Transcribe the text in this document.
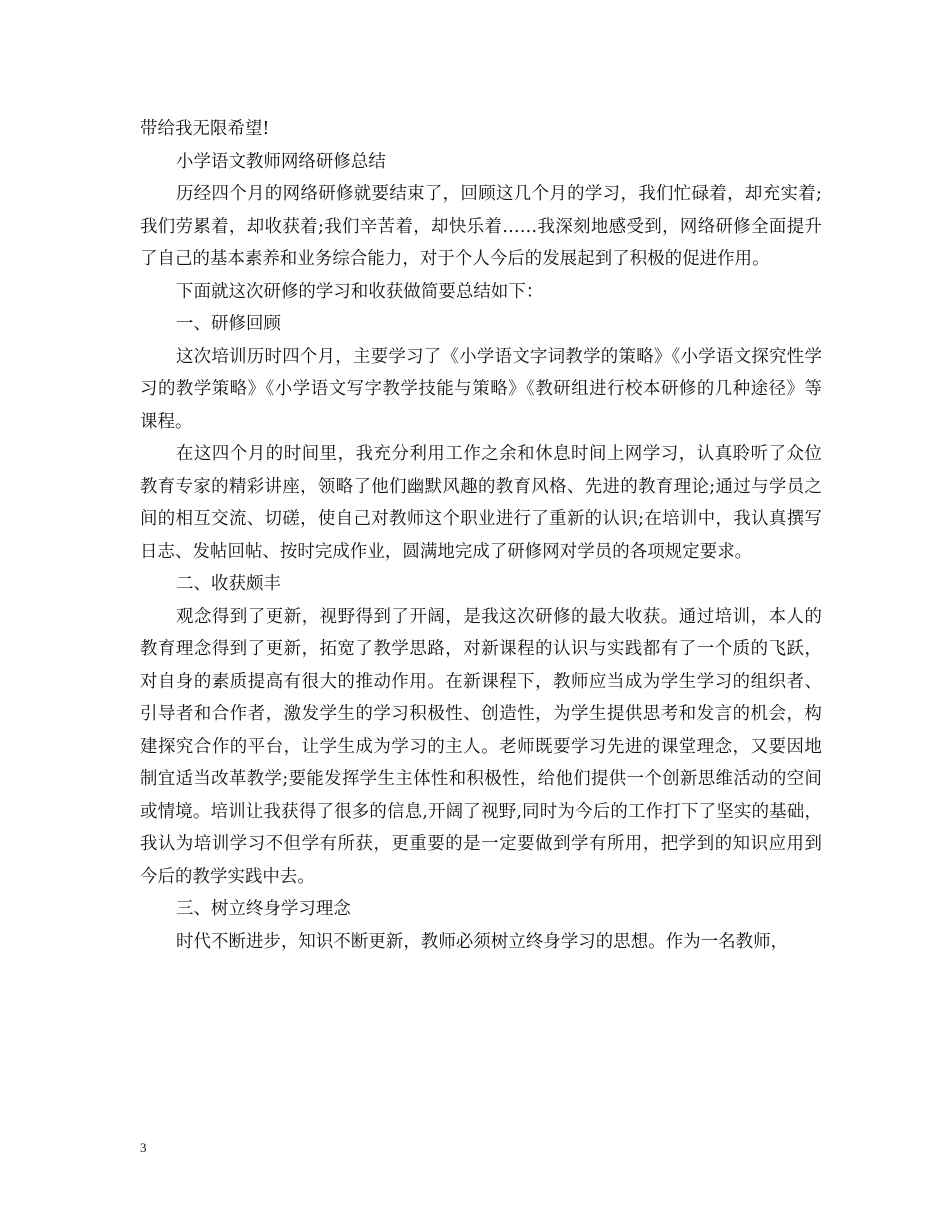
带给我无限希望!

小学语文教师网络研修总结

历经四个月的网络研修就要结束了，回顾这几个月的学习，我们忙碌着，却充实着;我们劳累着，却收获着;我们辛苦着，却快乐着……我深刻地感受到，网络研修全面提升了自己的基本素养和业务综合能力，对于个人今后的发展起到了积极的促进作用。

下面就这次研修的学习和收获做简要总结如下：

一、研修回顾

这次培训历时四个月，主要学习了《小学语文字词教学的策略》《小学语文探究性学习的教学策略》《小学语文写字教学技能与策略》《教研组进行校本研修的几种途径》等课程。

在这四个月的时间里，我充分利用工作之余和休息时间上网学习，认真聆听了众位教育专家的精彩讲座，领略了他们幽默风趣的教育风格、先进的教育理论;通过与学员之间的相互交流、切磋，使自己对教师这个职业进行了重新的认识;在培训中，我认真撰写日志、发帖回帖、按时完成作业，圆满地完成了研修网对学员的各项规定要求。

二、收获颇丰

观念得到了更新，视野得到了开阔，是我这次研修的最大收获。通过培训，本人的教育理念得到了更新，拓宽了教学思路，对新课程的认识与实践都有了一个质的飞跃，对自身的素质提高有很大的推动作用。在新课程下，教师应当成为学生学习的组织者、引导者和合作者，激发学生的学习积极性、创造性，为学生提供思考和发言的机会，构建探究合作的平台，让学生成为学习的主人。老师既要学习先进的课堂理念，又要因地制宜适当改革教学;要能发挥学生主体性和积极性，给他们提供一个创新思维活动的空间或情境。培训让我获得了很多的信息,开阔了视野,同时为今后的工作打下了坚实的基础，我认为培训学习不但学有所获，更重要的是一定要做到学有所用，把学到的知识应用到今后的教学实践中去。

三、树立终身学习理念

时代不断进步，知识不断更新，教师必须树立终身学习的思想。作为一名教师，

3
